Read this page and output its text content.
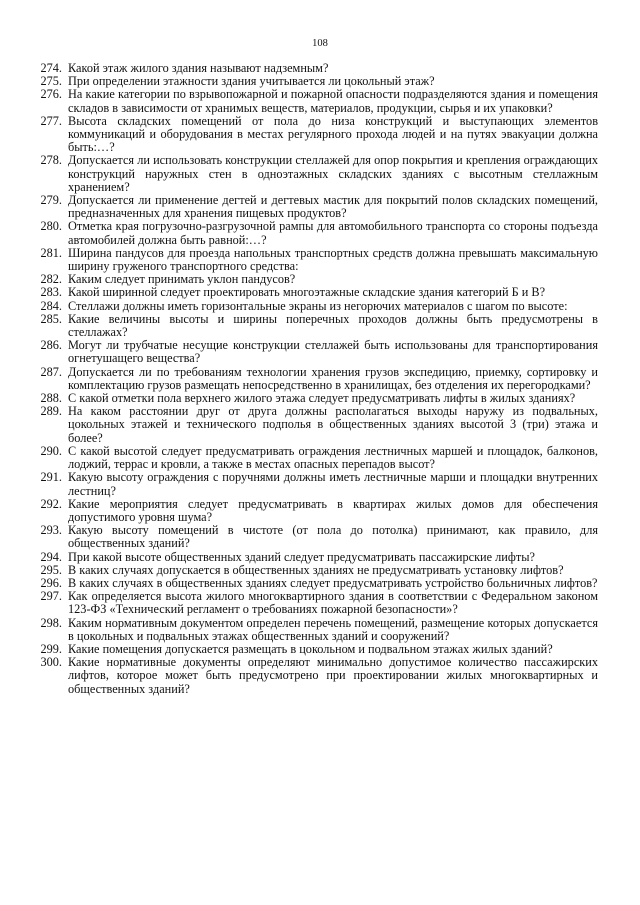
108
274. Какой этаж жилого здания называют надземным?
275. При определении этажности здания учитывается ли цокольный этаж?
276. На какие категории по взрывопожарной и пожарной опасности подразделяются здания и помещения складов в зависимости от хранимых веществ, материалов, продукции, сырья и их упаковки?
277. Высота складских помещений от пола до низа конструкций и выступающих элементов коммуникаций и оборудования в местах регулярного прохода людей и на путях эвакуации должна быть:…?
278. Допускается ли использовать конструкции стеллажей для опор покрытия и крепления ограждающих конструкций наружных стен в одноэтажных складских зданиях с высотным стеллажным хранением?
279. Допускается ли применение дегтей и дегтевых мастик для покрытий полов складских помещений, предназначенных для хранения пищевых продуктов?
280. Отметка края погрузочно-разгрузочной рампы для автомобильного транспорта со стороны подъезда автомобилей должна быть равной:…?
281. Ширина пандусов для проезда напольных транспортных средств должна превышать максимальную ширину груженого транспортного средства:
282. Каким следует принимать уклон пандусов?
283. Какой ширинной следует проектировать многоэтажные складские здания категорий Б и В?
284. Стеллажи должны иметь горизонтальные экраны из негорючих материалов с шагом по высоте:
285. Какие величины высоты и ширины поперечных проходов должны быть предусмотрены в стеллажах?
286. Могут ли трубчатые несущие конструкции стеллажей быть использованы для транспортирования огнетушащего вещества?
287. Допускается ли по требованиям технологии хранения грузов экспедицию, приемку, сортировку и комплектацию грузов размещать непосредственно в хранилищах, без отделения их перегородками?
288. С какой отметки пола верхнего жилого этажа следует предусматривать лифты в жилых зданиях?
289. На каком расстоянии друг от друга должны располагаться выходы наружу из подвальных, цокольных этажей и технического подполья в общественных зданиях высотой 3 (три) этажа и более?
290. С какой высотой следует предусматривать ограждения лестничных маршей и площадок, балконов, лоджий, террас и кровли, а также в местах опасных перепадов высот?
291. Какую высоту ограждения с поручнями должны иметь лестничные марши и площадки внутренних лестниц?
292. Какие мероприятия следует предусматривать в квартирах жилых домов для обеспечения допустимого уровня шума?
293. Какую высоту помещений в чистоте (от пола до потолка) принимают, как правило, для общественных зданий?
294. При какой высоте общественных зданий следует предусматривать пассажирские лифты?
295. В каких случаях допускается в общественных зданиях не предусматривать установку лифтов?
296. В каких случаях в общественных зданиях следует предусматривать устройство больничных лифтов?
297. Как определяется высота жилого многоквартирного здания в соответствии с Федеральном законом 123-ФЗ «Технический регламент о требованиях пожарной безопасности»?
298. Каким нормативным документом определен перечень помещений, размещение которых допускается в цокольных и подвальных этажах общественных зданий и сооружений?
299. Какие помещения допускается размещать в цокольном и подвальном этажах жилых зданий?
300. Какие нормативные документы определяют минимально допустимое количество пассажирских лифтов, которое может быть предусмотрено при проектировании жилых многоквартирных и общественных зданий?
